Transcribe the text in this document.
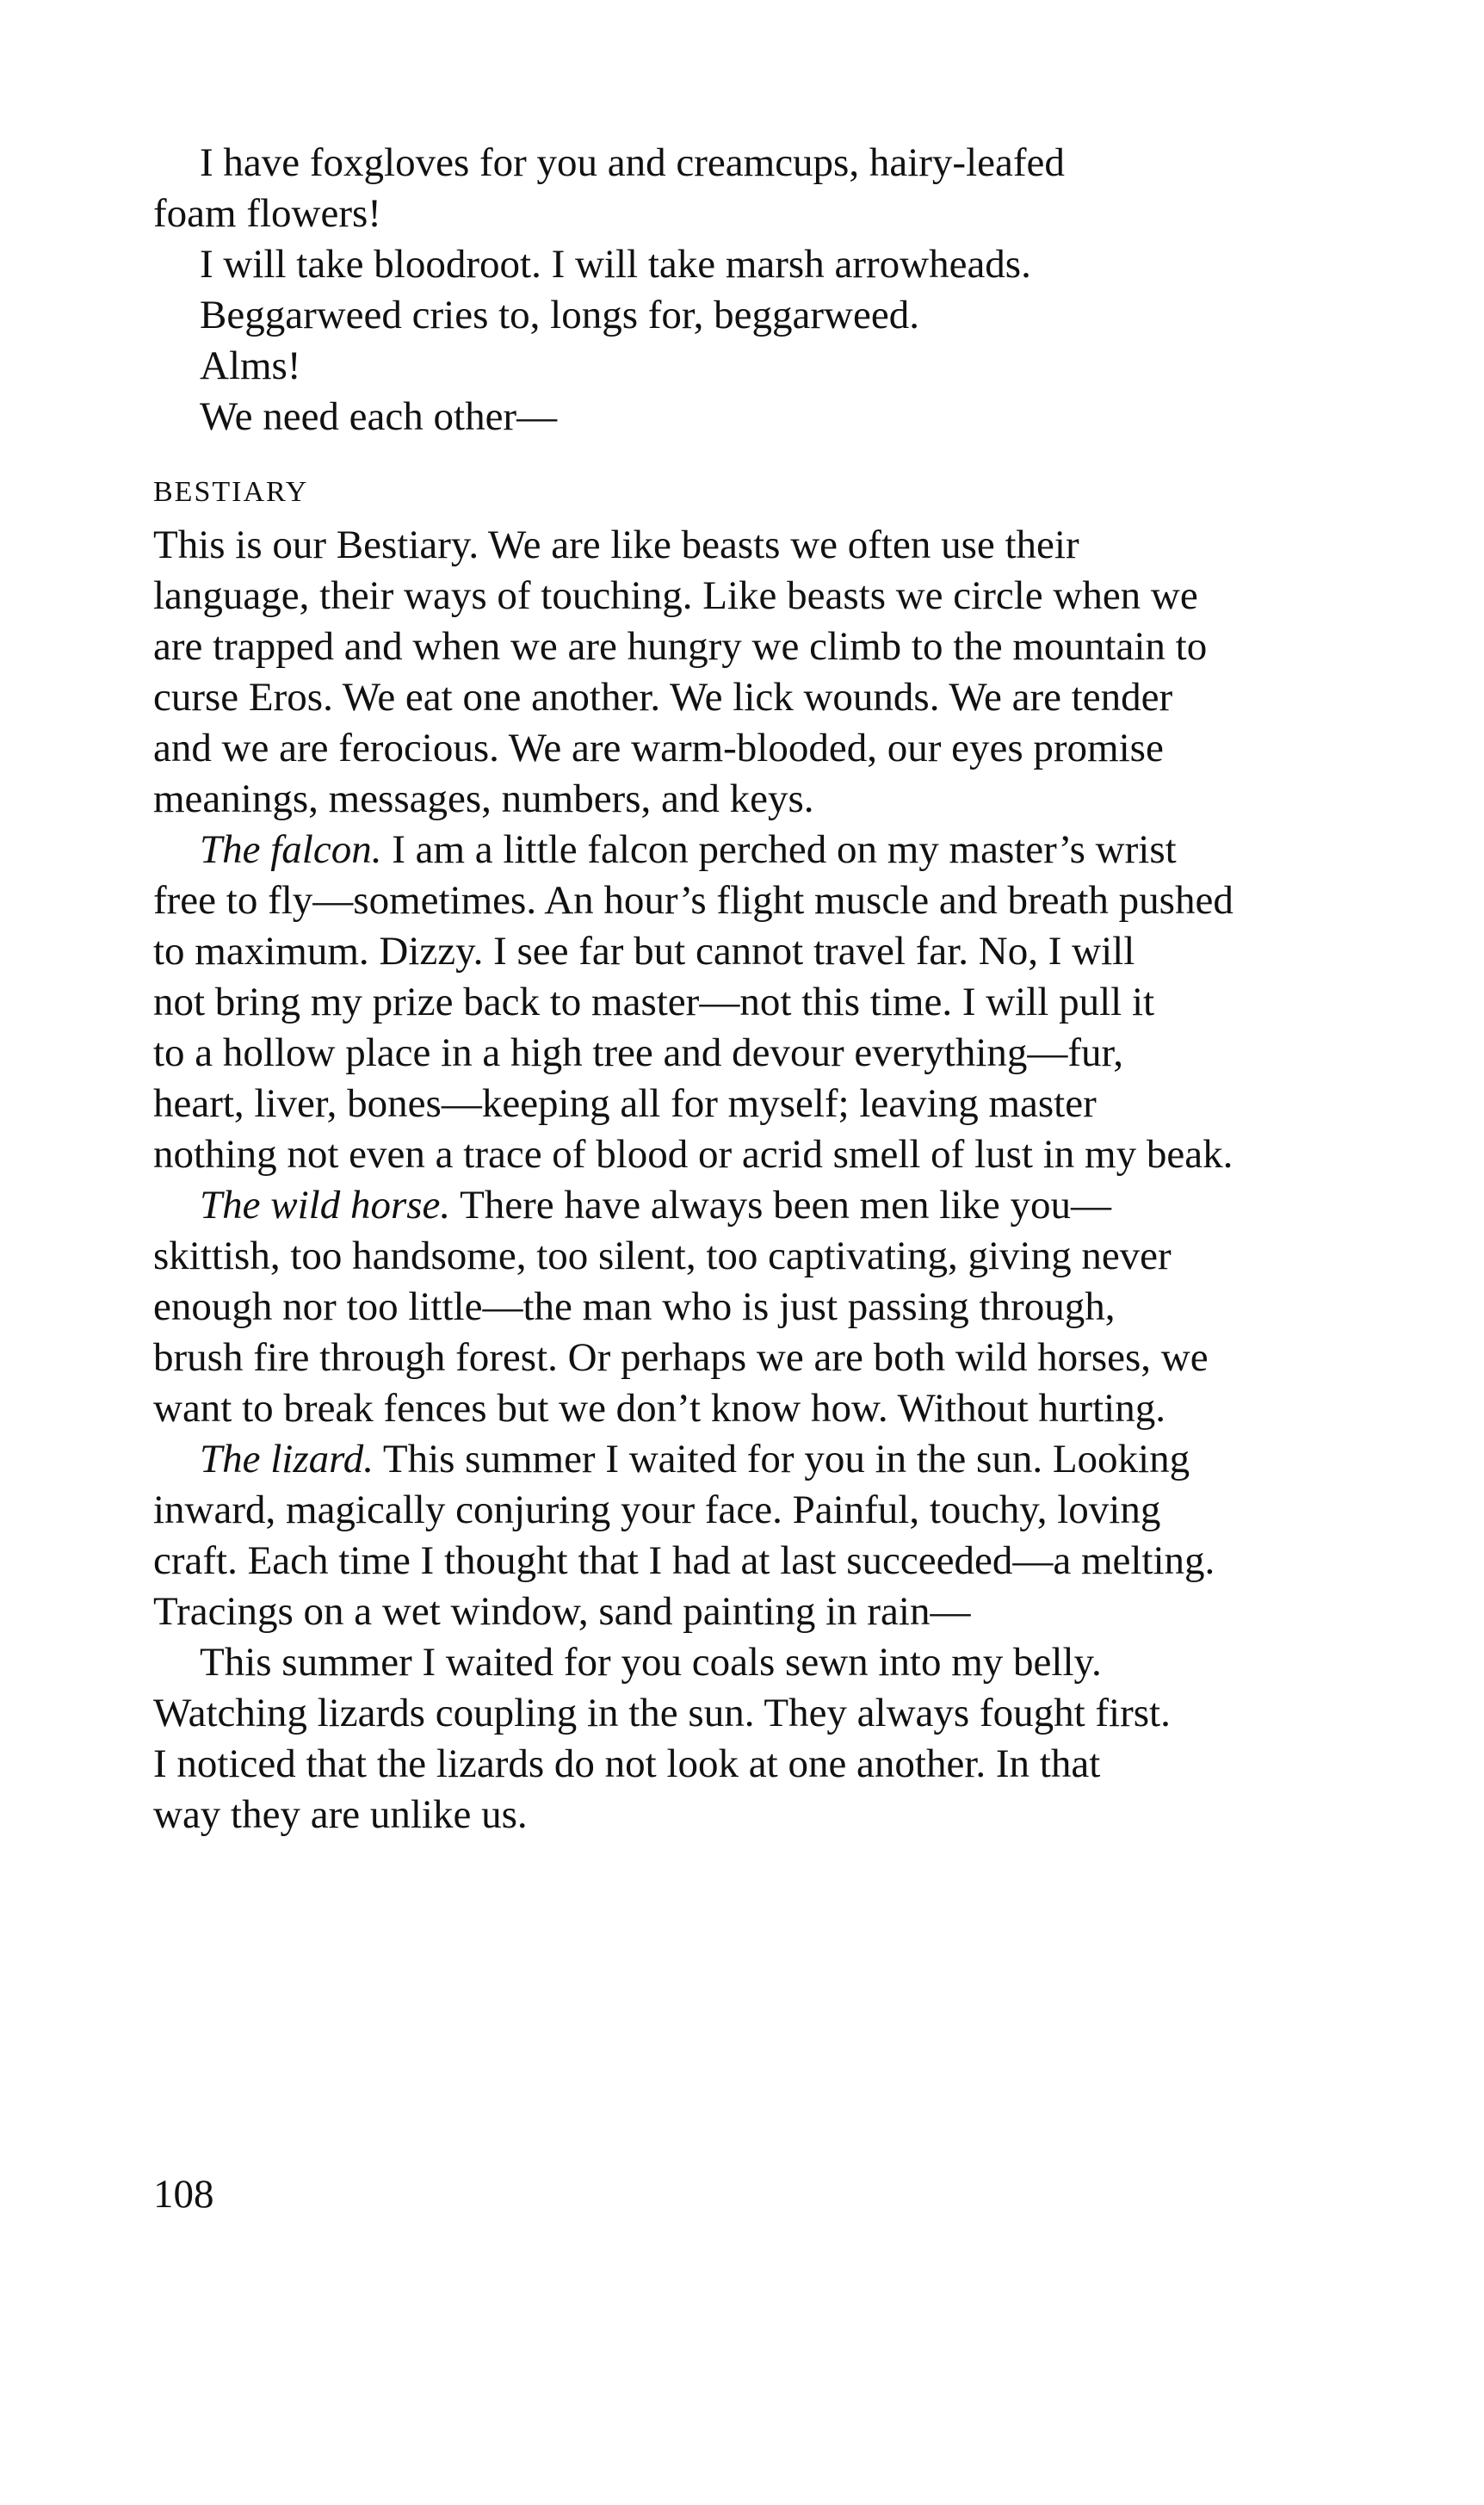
I have foxgloves for you and creamcups, hairy-leafed
foam flowers!
I will take bloodroot. I will take marsh arrowheads.
Beggarweed cries to, longs for, beggarweed.
Alms!
We need each other—
BESTIARY
This is our Bestiary. We are like beasts we often use their
language, their ways of touching. Like beasts we circle when we
are trapped and when we are hungry we climb to the mountain to
curse Eros. We eat one another. We lick wounds. We are tender
and we are ferocious. We are warm-blooded, our eyes promise
meanings, messages, numbers, and keys.
The falcon. I am a little falcon perched on my master’s wrist
free to fly—sometimes. An hour’s flight muscle and breath pushed
to maximum. Dizzy. I see far but cannot travel far. No, I will
not bring my prize back to master—not this time. I will pull it
to a hollow place in a high tree and devour everything—fur,
heart, liver, bones—keeping all for myself; leaving master
nothing not even a trace of blood or acrid smell of lust in my beak.
The wild horse. There have always been men like you—
skittish, too handsome, too silent, too captivating, giving never
enough nor too little—the man who is just passing through,
brush fire through forest. Or perhaps we are both wild horses, we
want to break fences but we don’t know how. Without hurting.
The lizard. This summer I waited for you in the sun. Looking
inward, magically conjuring your face. Painful, touchy, loving
craft. Each time I thought that I had at last succeeded—a melting.
Tracings on a wet window, sand painting in rain—
This summer I waited for you coals sewn into my belly.
Watching lizards coupling in the sun. They always fought first.
I noticed that the lizards do not look at one another. In that
way they are unlike us.
108
